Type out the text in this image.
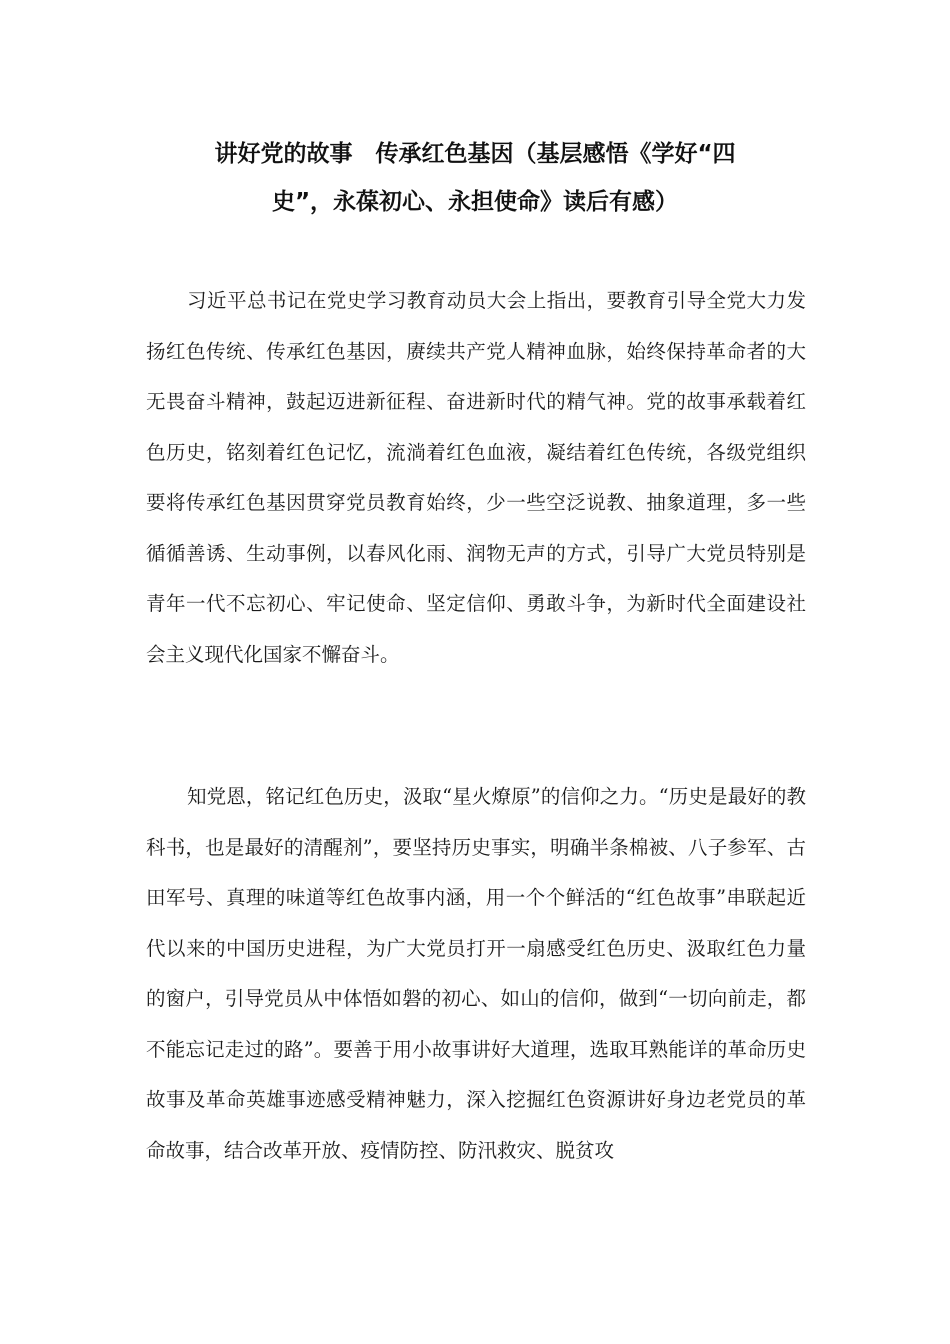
讲好党的故事　传承红色基因（基层感悟《学好“四
史”，永葆初心、永担使命》读后有感）

习近平总书记在党史学习教育动员大会上指出，要教育引导全党大力发扬红色传统、传承红色基因，赓续共产党人精神血脉，始终保持革命者的大无畏奋斗精神，鼓起迈进新征程、奋进新时代的精气神。党的故事承载着红色历史，铭刻着红色记忆，流淌着红色血液，凝结着红色传统，各级党组织要将传承红色基因贯穿党员教育始终，少一些空泛说教、抽象道理，多一些循循善诱、生动事例，以春风化雨、润物无声的方式，引导广大党员特别是青年一代不忘初心、牢记使命、坚定信仰、勇敢斗争，为新时代全面建设社会主义现代化国家不懈奋斗。

知党恩，铭记红色历史，汲取“星火燎原”的信仰之力。“历史是最好的教科书，也是最好的清醒剂”，要坚持历史事实，明确半条棉被、八子参军、古田军号、真理的味道等红色故事内涵，用一个个鲜活的“红色故事”串联起近代以来的中国历史进程，为广大党员打开一扇感受红色历史、汲取红色力量的窗户，引导党员从中体悟如磐的初心、如山的信仰，做到“一切向前走，都不能忘记走过的路”。要善于用小故事讲好大道理，选取耳熟能详的革命历史故事及革命英雄事迹感受精神魅力，深入挖掘红色资源讲好身边老党员的革命故事，结合改革开放、疫情防控、防汛救灾、脱贫攻
